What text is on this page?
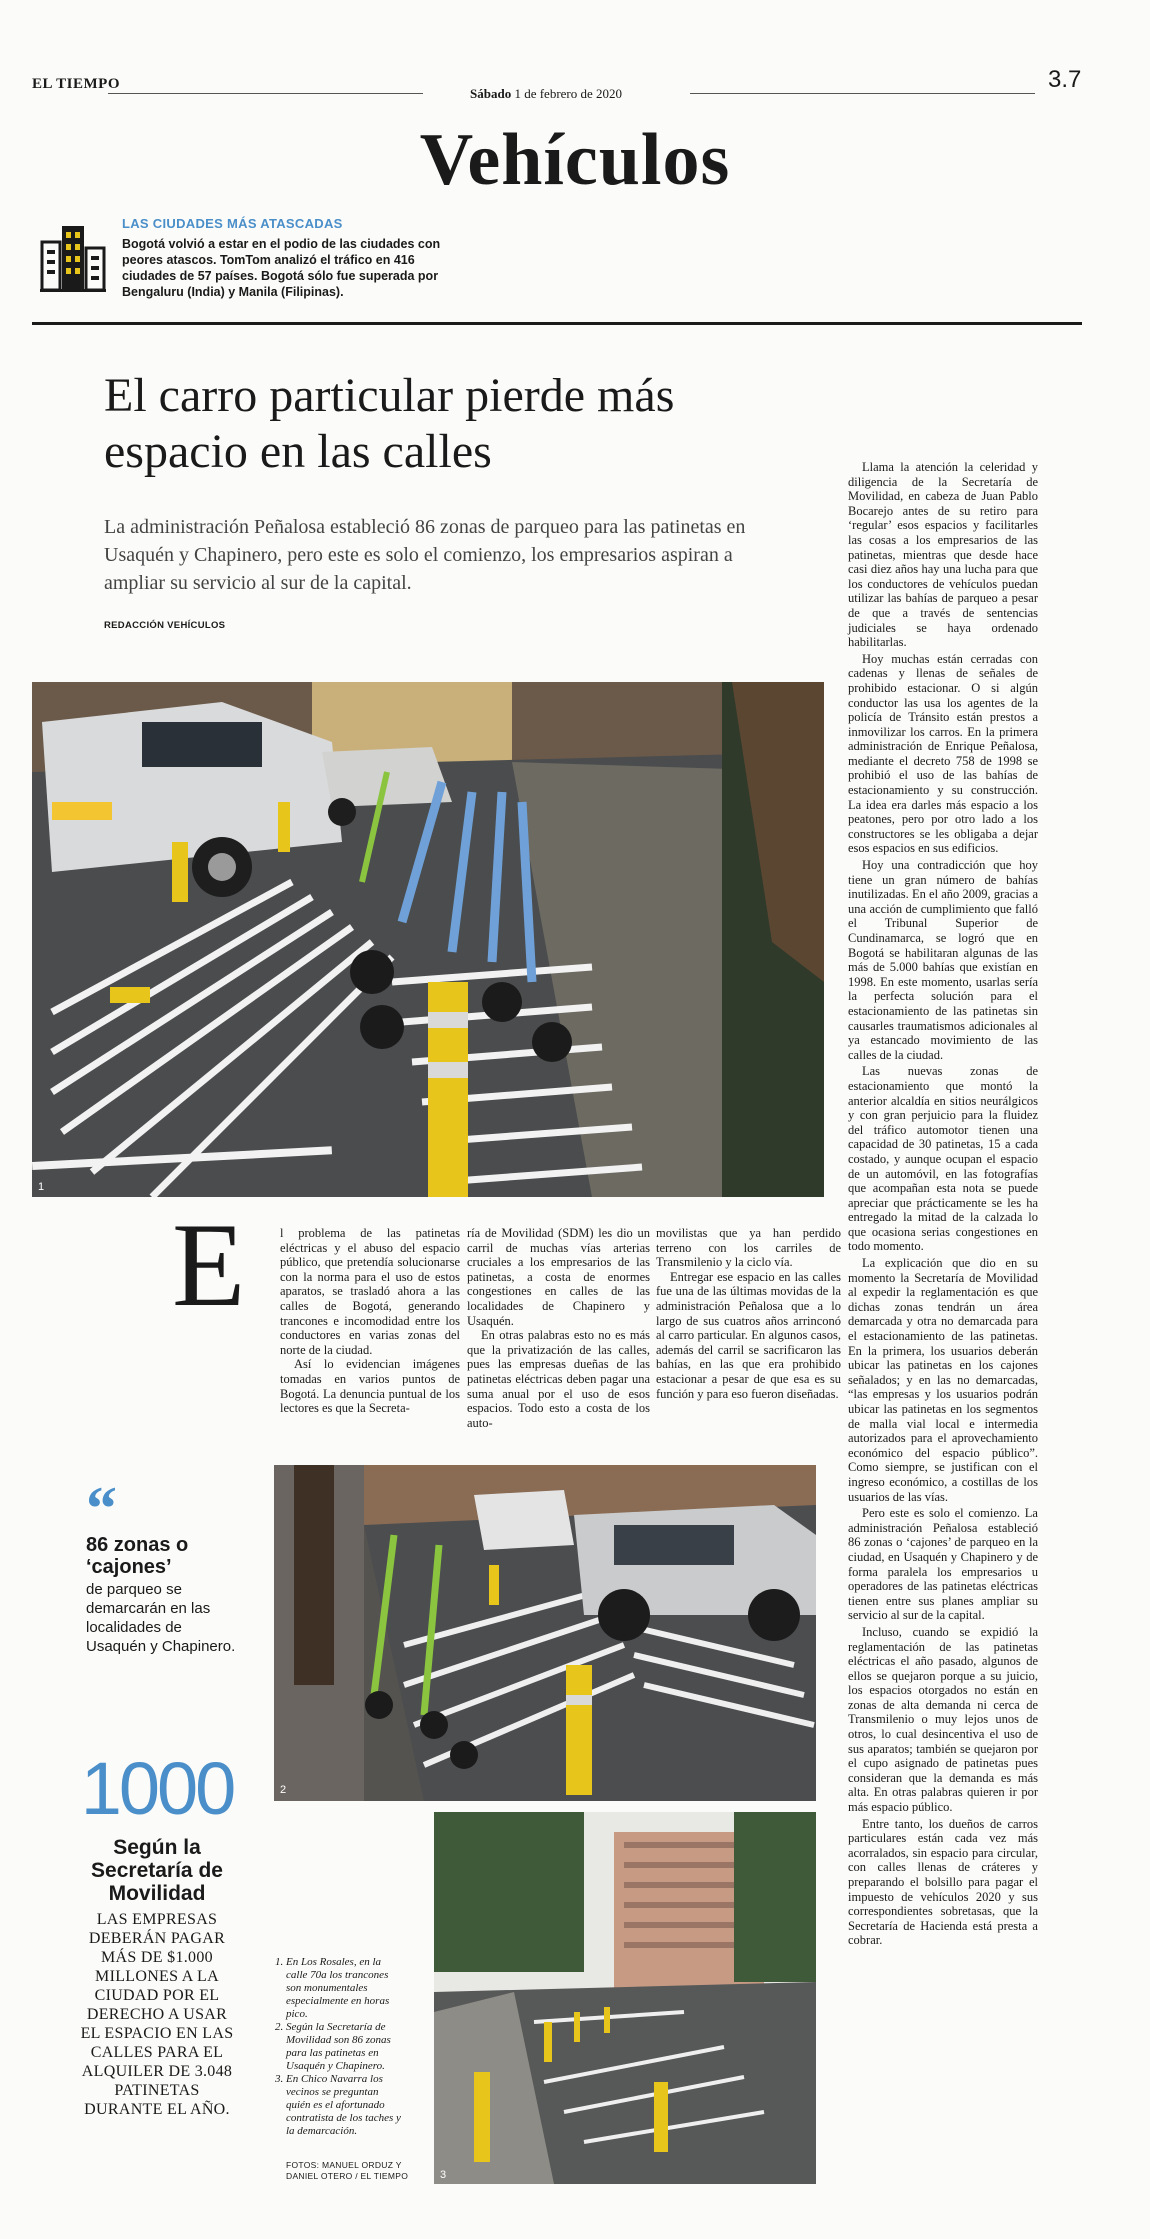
EL TIEMPO
Sábado 1 de febrero de 2020
3.7
Vehículos
LAS CIUDADES MÁS ATASCADAS
Bogotá volvió a estar en el podio de las ciudades con peores atascos. TomTom analizó el tráfico en 416 ciudades de 57 países. Bogotá sólo fue superada por Bengaluru (India) y Manila (Filipinas).
El carro particular pierde más espacio en las calles
La administración Peñalosa estableció 86 zonas de parqueo para las patinetas en Usaquén y Chapinero, pero este es solo el comienzo, los empresarios aspiran a ampliar su servicio al sur de la capital.
REDACCIÓN VEHÍCULOS
1
E	l problema de las patinetas eléctricas y el abuso del espacio público, que pretendía solucionarse con la norma para el uso de estos aparatos, se trasladó ahora a las calles de Bogotá, generando trancones e incomodidad entre los conductores en varias zonas del norte de la ciudad.

Así lo evidencian imágenes tomadas en varios puntos de Bogotá. La denuncia puntual de los lectores es que la Secreta-

ría de Movilidad (SDM) les dio un carril de muchas vías arterias cruciales a los empresarios de las patinetas, a costa de enormes congestiones en calles de las localidades de Chapinero y Usaquén.

En otras palabras esto no es más que la privatización de las calles, pues las empresas dueñas de las patinetas eléctricas deben pagar una suma anual por el uso de esos espacios. Todo esto a costa de los auto-

movilistas que ya han perdido terreno con los carriles de Transmilenio y la ciclo vía.

Entregar ese espacio en las calles fue una de las últimas movidas de la administración Peñalosa que a lo largo de sus cuatros años arrinconó al carro particular. En algunos casos, además del carril se sacrificaron las bahías, en las que era prohibido estacionar a pesar de que esa es su función y para eso fueron diseñadas.

Llama la atención la celeridad y diligencia de la Secretaría de Movilidad, en cabeza de Juan Pablo Bocarejo antes de su retiro para ‘regular’ esos espacios y facilitarles las cosas a los empresarios de las patinetas, mientras que desde hace casi diez años hay una lucha para que los conductores de vehículos puedan utilizar las bahías de parqueo a pesar de que a través de sentencias judiciales se haya ordenado habilitarlas.

Hoy muchas están cerradas con cadenas y llenas de señales de prohibido estacionar. O si algún conductor las usa los agentes de la policía de Tránsito están prestos a inmovilizar los carros. En la primera administración de Enrique Peñalosa, mediante el decreto 758 de 1998 se prohibió el uso de las bahías de estacionamiento y su construcción. La idea era darles más espacio a los peatones, pero por otro lado a los constructores se les obligaba a dejar esos espacios en sus edificios.

Hoy una contradicción que hoy tiene un gran número de bahías inutilizadas. En el año 2009, gracias a una acción de cumplimiento que falló el Tribunal Superior de Cundinamarca, se logró que en Bogotá se habilitaran algunas de las más de 5.000 bahías que existían en 1998. En este momento, usarlas sería la perfecta solución para el estacionamiento de las patinetas sin causarles traumatismos adicionales al ya estancado movimiento de las calles de la ciudad.

Las nuevas zonas de estacionamiento que montó la anterior alcaldía en sitios neurálgicos y con gran perjuicio para la fluidez del tráfico automotor tienen una capacidad de 30 patinetas, 15 a cada costado, y aunque ocupan el espacio de un automóvil, en las fotografías que acompañan esta nota se puede apreciar que prácticamente se les ha entregado la mitad de la calzada lo que ocasiona serias congestiones en todo momento.

La explicación que dio en su momento la Secretaría de Movilidad al expedir la reglamentación es que dichas zonas tendrán un área demarcada y otra no demarcada para el estacionamiento de las patinetas. En la primera, los usuarios deberán ubicar las patinetas en los cajones señalados; y en las no demarcadas, “las empresas y los usuarios podrán ubicar las patinetas en los segmentos de malla vial local e intermedia autorizados para el aprovechamiento económico del espacio público”. Como siempre, se justifican con el ingreso económico, a costillas de los usuarios de las vías.

Pero este es solo el comienzo. La administración Peñalosa estableció 86 zonas o ‘cajones’ de parqueo en la ciudad, en Usaquén y Chapinero y de forma paralela los empresarios u operadores de las patinetas eléctricas tienen entre sus planes ampliar su servicio al sur de la capital.

Incluso, cuando se expidió la reglamentación de las patinetas eléctricas el año pasado, algunos de ellos se quejaron porque a su juicio, los espacios otorgados no están en zonas de alta demanda ni cerca de Transmilenio o muy lejos unos de otros, lo cual desincentiva el uso de sus aparatos; también se quejaron por el cupo asignado de patinetas pues consideran que la demanda es más alta. En otras palabras quieren ir por más espacio público.

Entre tanto, los dueños de carros particulares están cada vez más acorralados, sin espacio para circular, con calles llenas de cráteres y preparando el bolsillo para pagar el impuesto de vehículos 2020 y sus correspondientes sobretasas, que la Secretaría de Hacienda está presta a cobrar.

“
86 zonas o ‘cajones’
de parqueo se demarcarán en las localidades de Usaquén y Chapinero.
2
1000
Según la Secretaría de Movilidad
LAS EMPRESAS DEBERÁN PAGAR MÁS DE $1.000 MILLONES A LA CIUDAD POR EL DERECHO A USAR EL ESPACIO EN LAS CALLES PARA EL ALQUILER DE 3.048 PATINETAS DURANTE EL AÑO.
3
1. En Los Rosales, en la calle 70a los trancones son monumentales especialmente en horas pico.
2. Según la Secretaría de Movilidad son 86 zonas para las patinetas en Usaquén y Chapinero.
3. En Chico Navarra los vecinos se preguntan quién es el afortunado contratista de los taches y la demarcación.
FOTOS: MANUEL ORDUZ Y DANIEL OTERO / EL TIEMPO
